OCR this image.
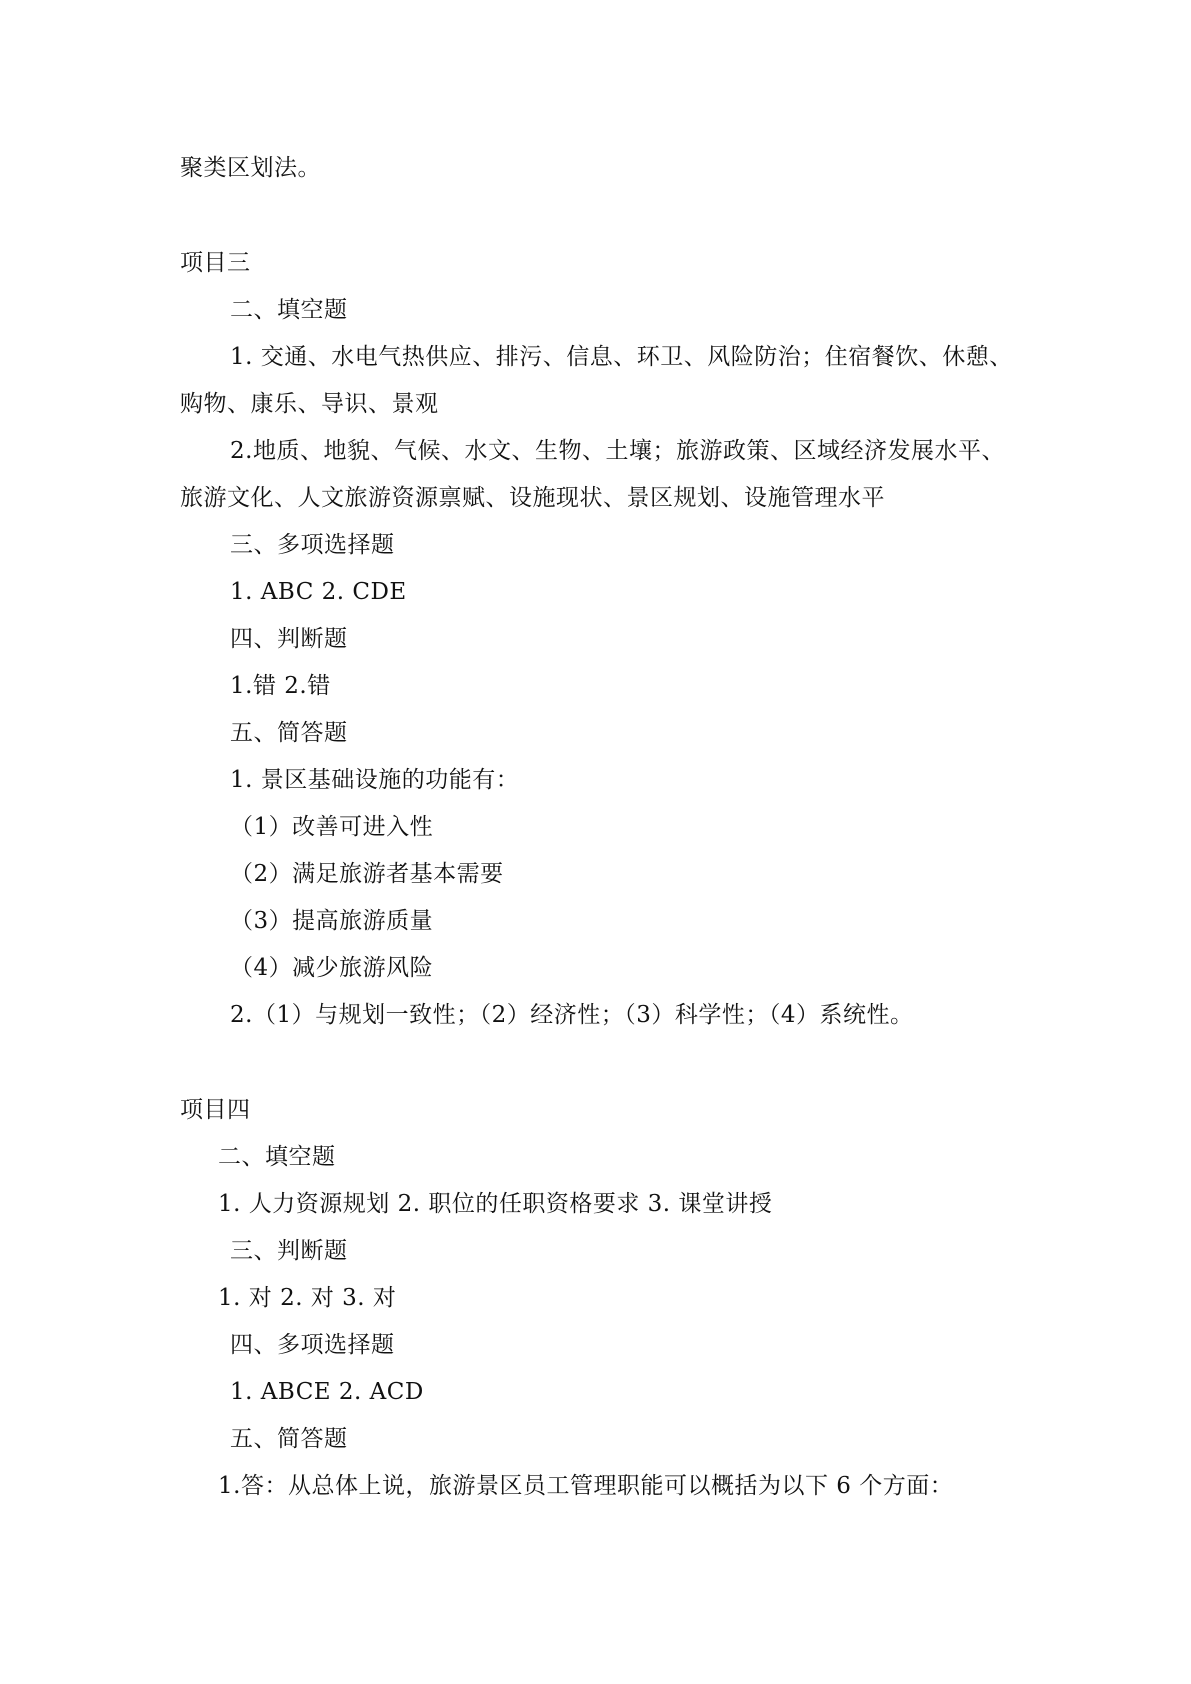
聚类区划法。
项目三
二、填空题
1. 交通、水电气热供应、排污、信息、环卫、风险防治；住宿餐饮、休憩、
购物、康乐、导识、景观
2.地质、地貌、气候、水文、生物、土壤；旅游政策、区域经济发展水平、
旅游文化、人文旅游资源禀赋、设施现状、景区规划、设施管理水平
三、多项选择题
1. ABC 2. CDE
四、判断题
1.错 2.错
五、简答题
1. 景区基础设施的功能有：
（1）改善可进入性
（2）满足旅游者基本需要
（3）提高旅游质量
（4）减少旅游风险
2.（1）与规划一致性；（2）经济性；（3）科学性；（4）系统性。
项目四
二、填空题
1. 人力资源规划 2. 职位的任职资格要求 3. 课堂讲授
三、判断题
1. 对 2. 对 3. 对
四、多项选择题
1. ABCE 2. ACD
五、简答题
1.答：从总体上说，旅游景区员工管理职能可以概括为以下 6 个方面：
